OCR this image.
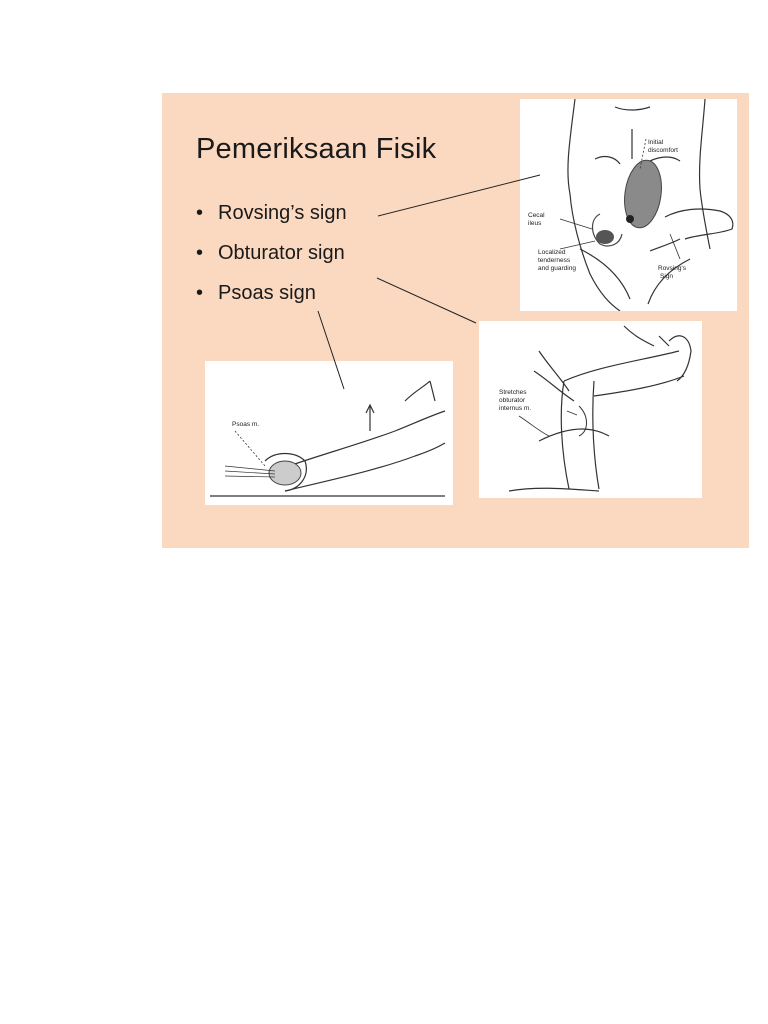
Pemeriksaan Fisik
• Rovsing’s sign
• Obturator sign
• Psoas sign
Initial
discomfort
Cecal
ileus
Localized
tenderness
and guarding	Rovsing's
Sign
Stretches
obturator
internus m.
Psoas m.
